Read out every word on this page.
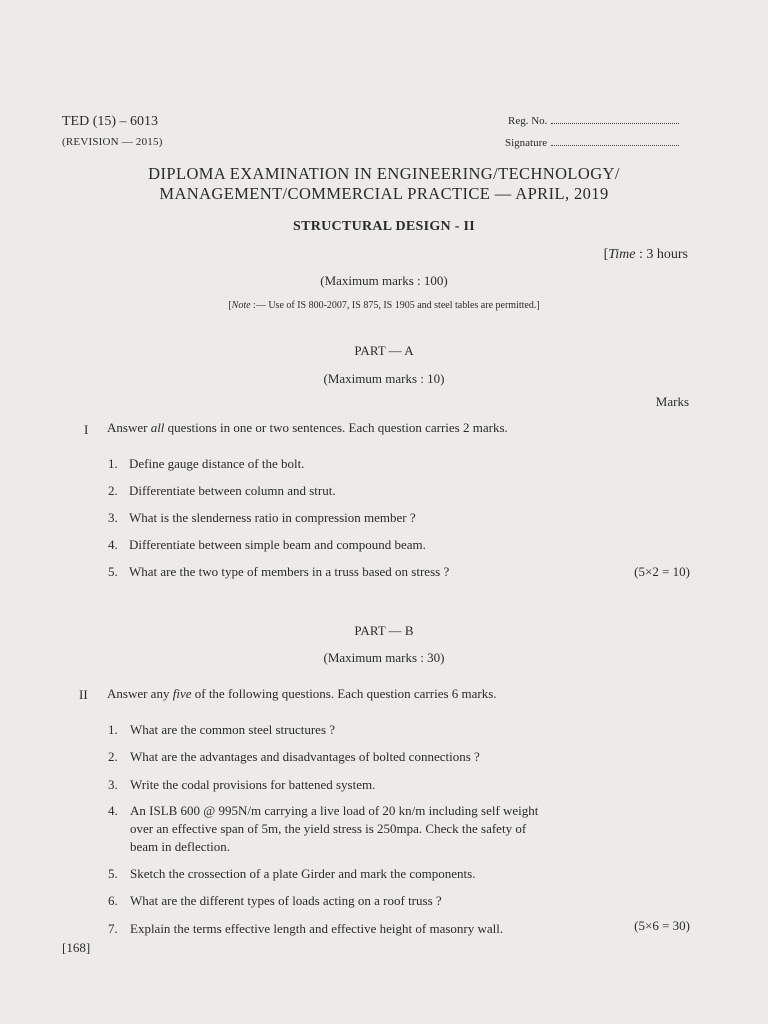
TED (15) – 6013
(REVISION — 2015)
Reg. No.
Signature
DIPLOMA EXAMINATION IN ENGINEERING/TECHNOLOGY/
MANAGEMENT/COMMERCIAL PRACTICE — APRIL, 2019
STRUCTURAL DESIGN - II
[Time : 3 hours
(Maximum marks : 100)
[Note :— Use of IS 800-2007, IS 875, IS 1905 and steel tables are permitted.]
PART — A
(Maximum marks : 10)
Marks
I Answer all questions in one or two sentences. Each question carries 2 marks.
1. Define gauge distance of the bolt.
2. Differentiate between column and strut.
3. What is the slenderness ratio in compression member ?
4. Differentiate between simple beam and compound beam.
5. What are the two type of members in a truss based on stress ?	(5×2 = 10)
PART — B
(Maximum marks : 30)
II Answer any five of the following questions. Each question carries 6 marks.
1. What are the common steel structures ?
2. What are the advantages and disadvantages of bolted connections ?
3. Write the codal provisions for battened system.
4. An ISLB 600 @ 995N/m carrying a live load of 20 kn/m including self weight
over an effective span of 5m, the yield stress is 250mpa. Check the safety of
beam in deflection.
5. Sketch the crossection of a plate Girder and mark the components.
6. What are the different types of loads acting on a roof truss ?
7. Explain the terms effective length and effective height of masonry wall.	(5×6 = 30)
[168]
